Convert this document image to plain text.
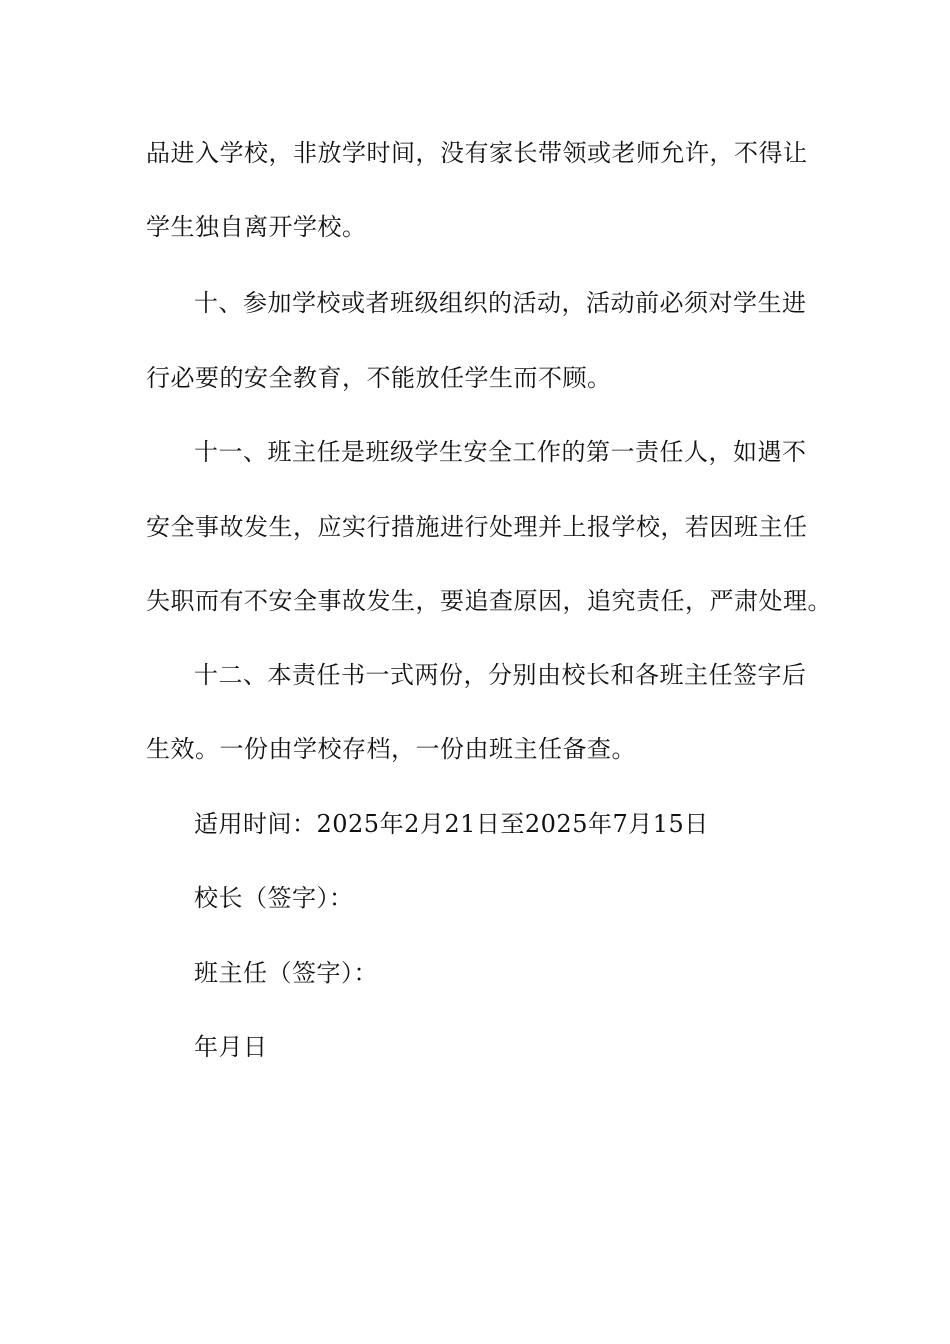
品进入学校，非放学时间，没有家长带领或老师允许，不得让
学生独自离开学校。
十、参加学校或者班级组织的活动，活动前必须对学生进
行必要的安全教育，不能放任学生而不顾。
十一、班主任是班级学生安全工作的第一责任人，如遇不
安全事故发生，应实行措施进行处理并上报学校，若因班主任
失职而有不安全事故发生，要追查原因，追究责任，严肃处理。
十二、本责任书一式两份，分别由校长和各班主任签字后
生效。一份由学校存档，一份由班主任备查。
适用时间：2025年2月21日至2025年7月15日
校长（签字）：
班主任（签字）：
年月日
